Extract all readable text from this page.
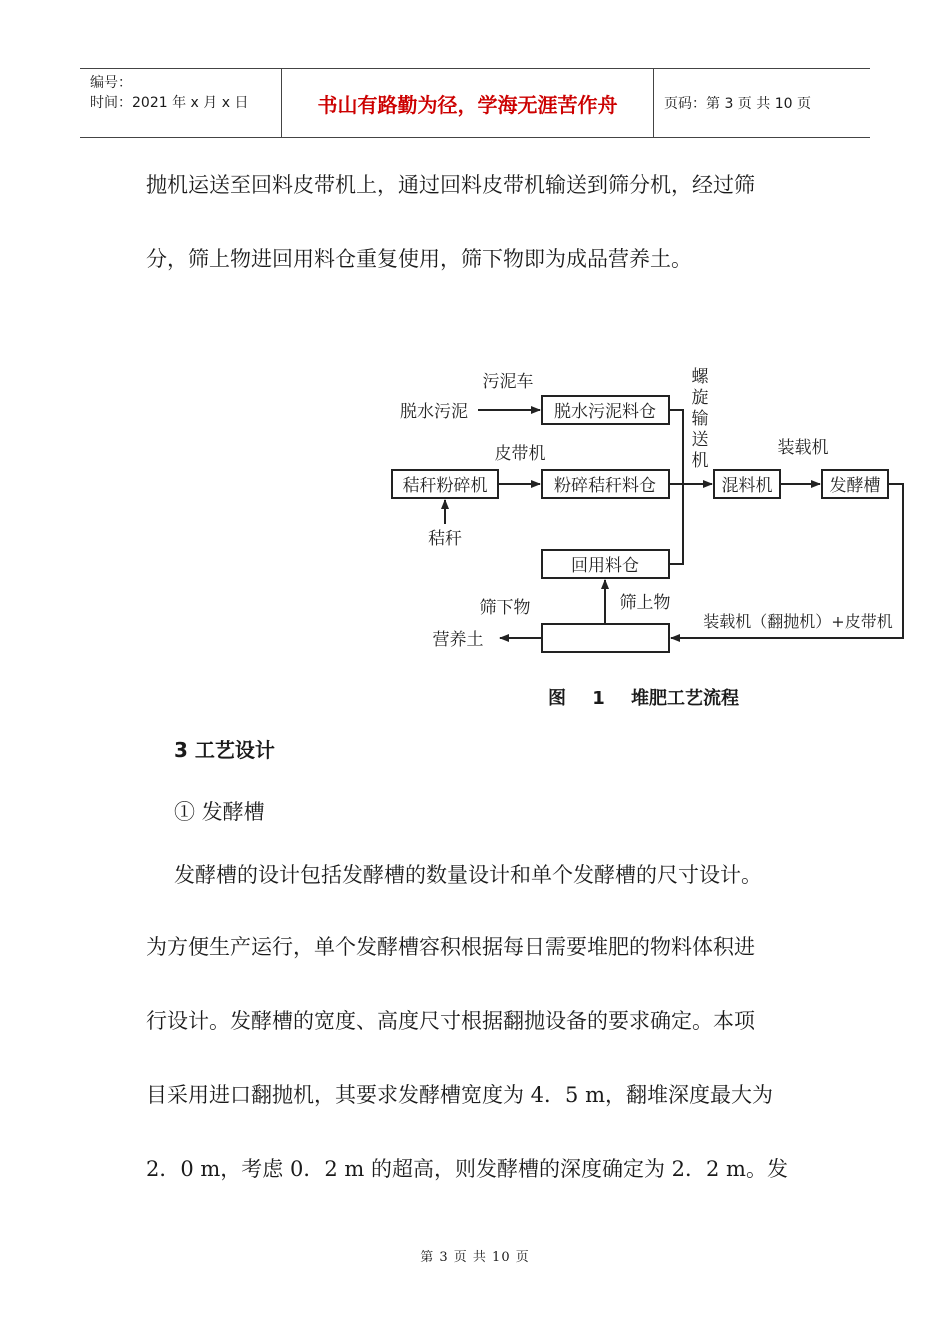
编号：
时间：2021 年 x 月 x 日	书山有路勤为径，学海无涯苦作舟	页码：第 3 页 共 10 页
抛机运送至回料皮带机上，通过回料皮带机输送到筛分机，经过筛
分，筛上物进回用料仓重复使用，筛下物即为成品营养土。
脱水污泥料仓
秸秆粉碎机	粉碎秸秆料仓	混料机	发酵槽
回用料仓
污泥车
脱水污泥
皮带机
秸秆
装载机
筛上物
筛下物
装载机（翻抛机）+皮带机
营养土
螺旋输送机
图 1 堆肥工艺流程
3 工艺设计
① 发酵槽
发酵槽的设计包括发酵槽的数量设计和单个发酵槽的尺寸设计。
为方便生产运行，单个发酵槽容积根据每日需要堆肥的物料体积进
行设计。发酵槽的宽度、高度尺寸根据翻抛设备的要求确定。本项
目采用进口翻抛机，其要求发酵槽宽度为 4．5 m，翻堆深度最大为
2．0 m，考虑 0．2 m 的超高，则发酵槽的深度确定为 2．2 m。发
第 3 页 共 10 页
